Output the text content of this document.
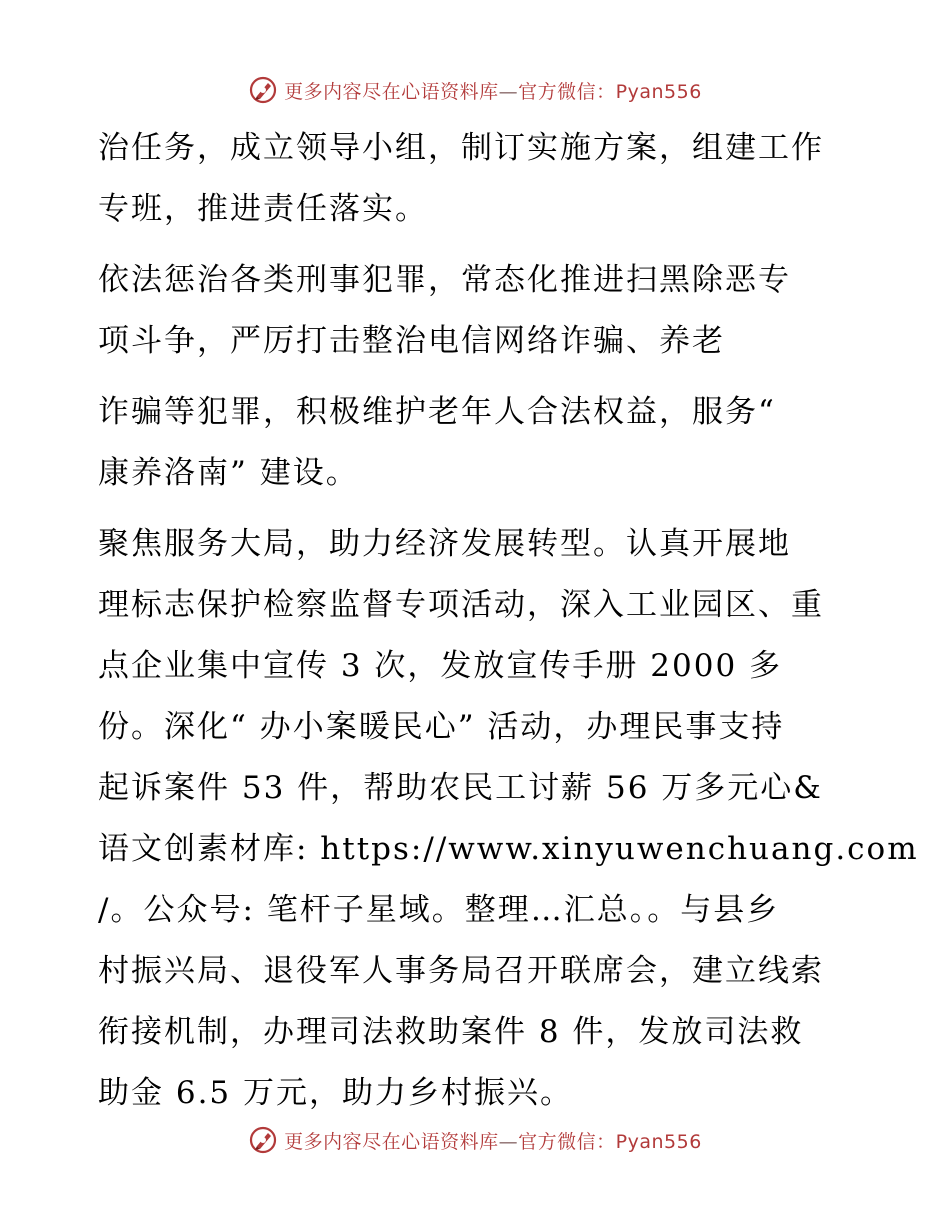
更多内容尽在心语资料库—官方微信：Pyan556
治任务，成立领导小组，制订实施方案，组建工作
专班，推进责任落实。
依法惩治各类刑事犯罪，常态化推进扫黑除恶专
项斗争，严厉打击整治电信网络诈骗、养老
诈骗等犯罪，积极维护老年人合法权益，服务“
康养洛南” 建设。
聚焦服务大局，助力经济发展转型。认真开展地
理标志保护检察监督专项活动，深入工业园区、重
点企业集中宣传 3 次，发放宣传手册 2000 多
份。深化“ 办小案暖民心” 活动，办理民事支持
起诉案件 53 件，帮助农民工讨薪 56 万多元心&
语文创素材库: https://www.xinyuwenchuang.com
/。公众号: 笔杆子星域。整理…汇总。。与县乡
村振兴局、退役军人事务局召开联席会，建立线索
衔接机制，办理司法救助案件 8 件，发放司法救
助金 6.5 万元，助力乡村振兴。
更多内容尽在心语资料库—官方微信：Pyan556
